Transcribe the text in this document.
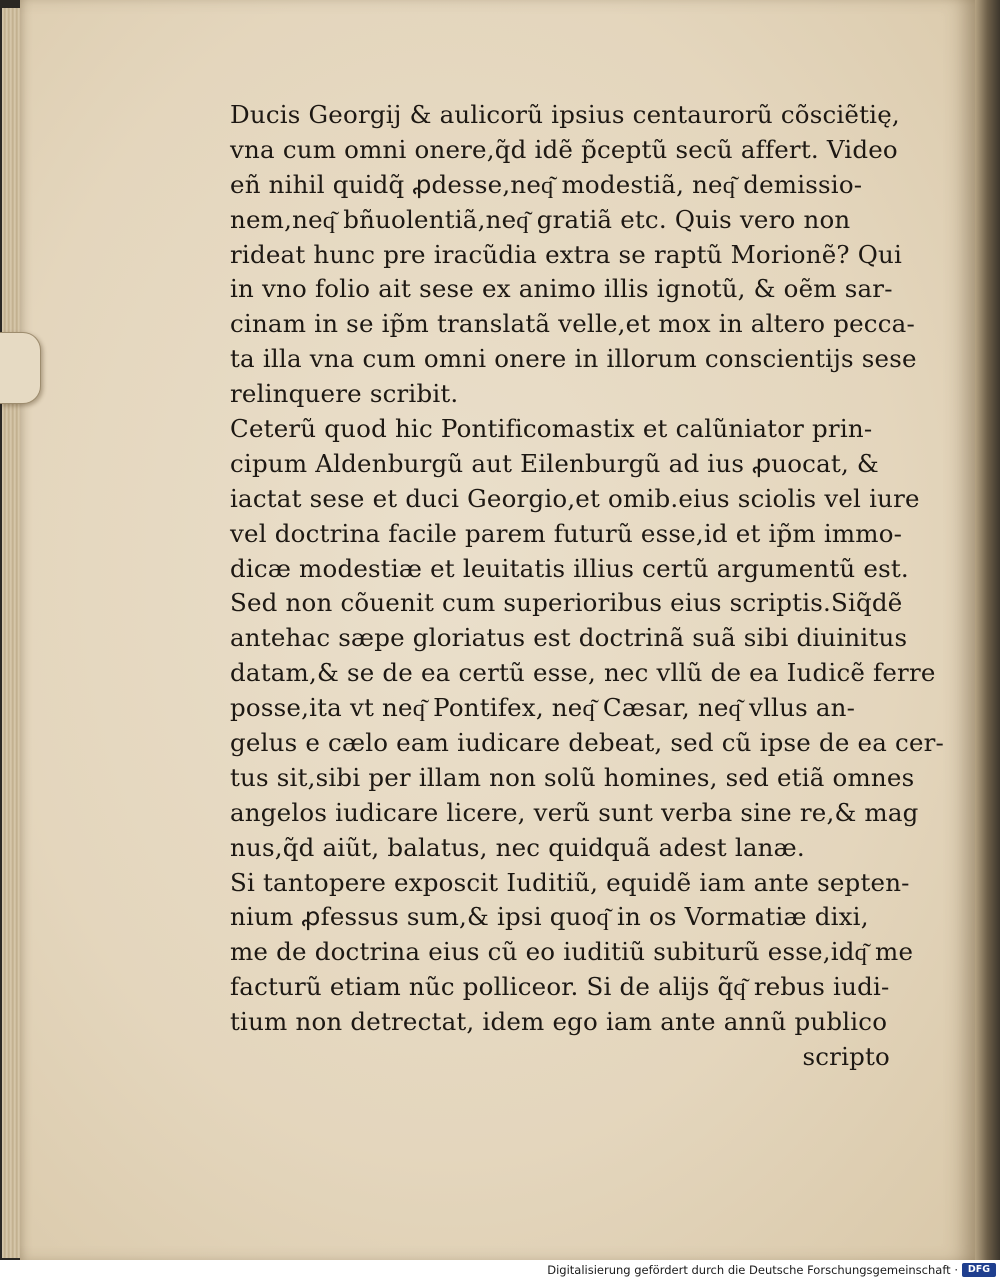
Ducis Georgij & aulicorũ ipsius centaurorũ cõsciẽtię,
vna cum omni onere,q̃d idẽ p̃ceptũ secũ affert. Video
eñ nihil quidq̃ ꝓdesse,neq͂ modestiã, neq͂ demissio-
nem,neq͂ bñuolentiã,neq͂ gratiã etc. Quis vero non
rideat hunc pre iracũdia extra se raptũ Morionẽ? Qui
in vno folio ait sese ex animo illis ignotũ, & oẽm sar-
cinam in se ip̃m translatã velle,et mox in altero pecca-
ta illa vna cum omni onere in illorum conscientijs sese
relinquere scribit.
Ceterũ quod hic Pontificomastix et calũniator prin-
cipum Aldenburgũ aut Eilenburgũ ad ius ꝓuocat, &
iactat sese et duci Georgio,et omib.eius sciolis vel iure
vel doctrina facile parem futurũ esse,id et ip̃m immo-
dicæ modestiæ et leuitatis illius certũ argumentũ est.
Sed non cõuenit cum superioribus eius scriptis.Siq̃dẽ
antehac sæpe gloriatus est doctrinã suã sibi diuinitus
datam,& se de ea certũ esse, nec vllũ de ea Iudicẽ ferre
posse,ita vt neq͂ Pontifex, neq͂ Cæsar, neq͂ vllus an-
gelus e cælo eam iudicare debeat, sed cũ ipse de ea cer-
tus sit,sibi per illam non solũ homines, sed etiã omnes
angelos iudicare licere, verũ sunt verba sine re,& mag
nus,q̃d aiũt, balatus, nec quidquã adest lanæ.
Si tantopere exposcit Iuditiũ, equidẽ iam ante septen-
nium ꝓfessus sum,& ipsi quoq͂ in os Vormatiæ dixi,
me de doctrina eius cũ eo iuditiũ subiturũ esse,idq͂ me
facturũ etiam nũc polliceor. Si de alijs q̃q͂ rebus iudi-
tium non detrectat, idem ego iam ante annũ publico
scripto
Digitalisierung gefördert durch die Deutsche Forschungsgemeinschaft ·	DFG
